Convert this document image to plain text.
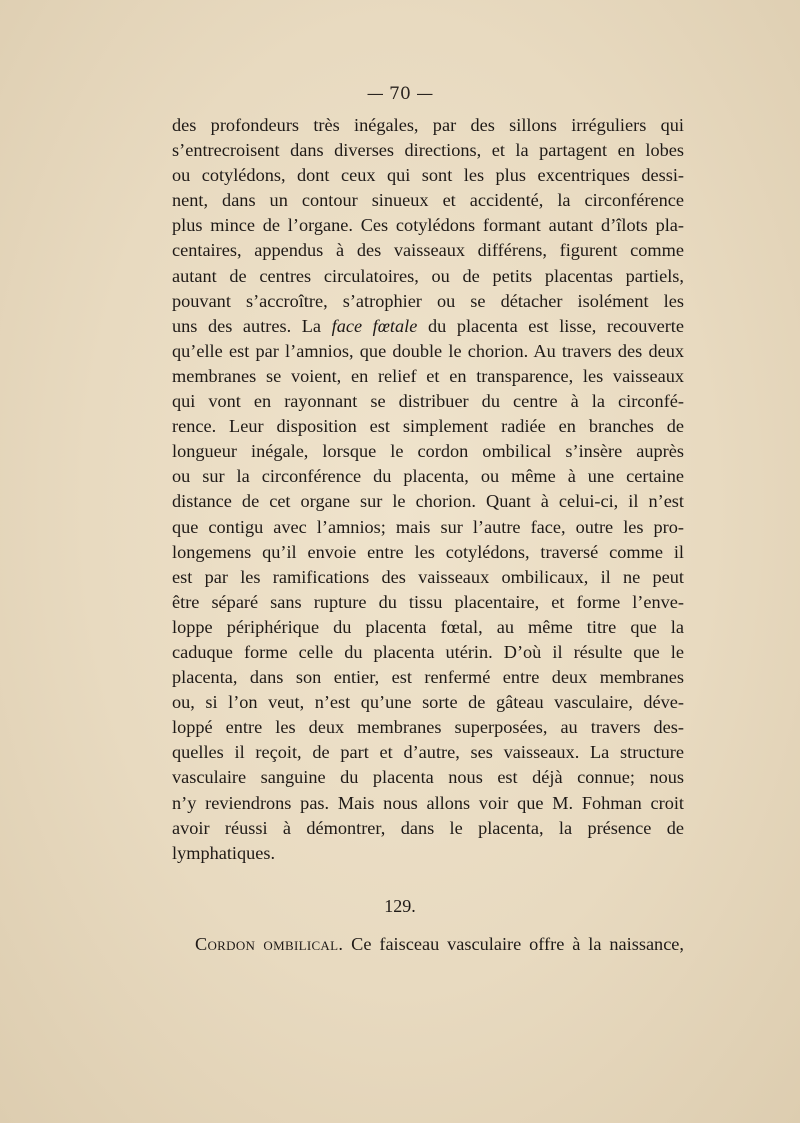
— 70 —
des profondeurs très inégales, par des sillons irréguliers qui
s’entrecroisent dans diverses directions, et la partagent en lobes
ou cotylédons, dont ceux qui sont les plus excentriques dessi-
nent, dans un contour sinueux et accidenté, la circonférence
plus mince de l’organe. Ces cotylédons formant autant d’îlots pla-
centaires, appendus à des vaisseaux différens, figurent comme
autant de centres circulatoires, ou de petits placentas partiels,
pouvant s’accroître, s’atrophier ou se détacher isolément les
uns des autres. La face fœtale du placenta est lisse, recouverte
qu’elle est par l’amnios, que double le chorion. Au travers des deux
membranes se voient, en relief et en transparence, les vaisseaux
qui vont en rayonnant se distribuer du centre à la circonfé-
rence. Leur disposition est simplement radiée en branches de
longueur inégale, lorsque le cordon ombilical s’insère auprès
ou sur la circonférence du placenta, ou même à une certaine
distance de cet organe sur le chorion. Quant à celui-ci, il n’est
que contigu avec l’amnios; mais sur l’autre face, outre les pro-
longemens qu’il envoie entre les cotylédons, traversé comme il
est par les ramifications des vaisseaux ombilicaux, il ne peut
être séparé sans rupture du tissu placentaire, et forme l’enve-
loppe périphérique du placenta fœtal, au même titre que la
caduque forme celle du placenta utérin. D’où il résulte que le
placenta, dans son entier, est renfermé entre deux membranes
ou, si l’on veut, n’est qu’une sorte de gâteau vasculaire, déve-
loppé entre les deux membranes superposées, au travers des-
quelles il reçoit, de part et d’autre, ses vaisseaux. La structure
vasculaire sanguine du placenta nous est déjà connue; nous
n’y reviendrons pas. Mais nous allons voir que M. Fohman croit
avoir réussi à démontrer, dans le placenta, la présence de
lymphatiques.
129.
Cordon ombilical. Ce faisceau vasculaire offre à la naissance,
